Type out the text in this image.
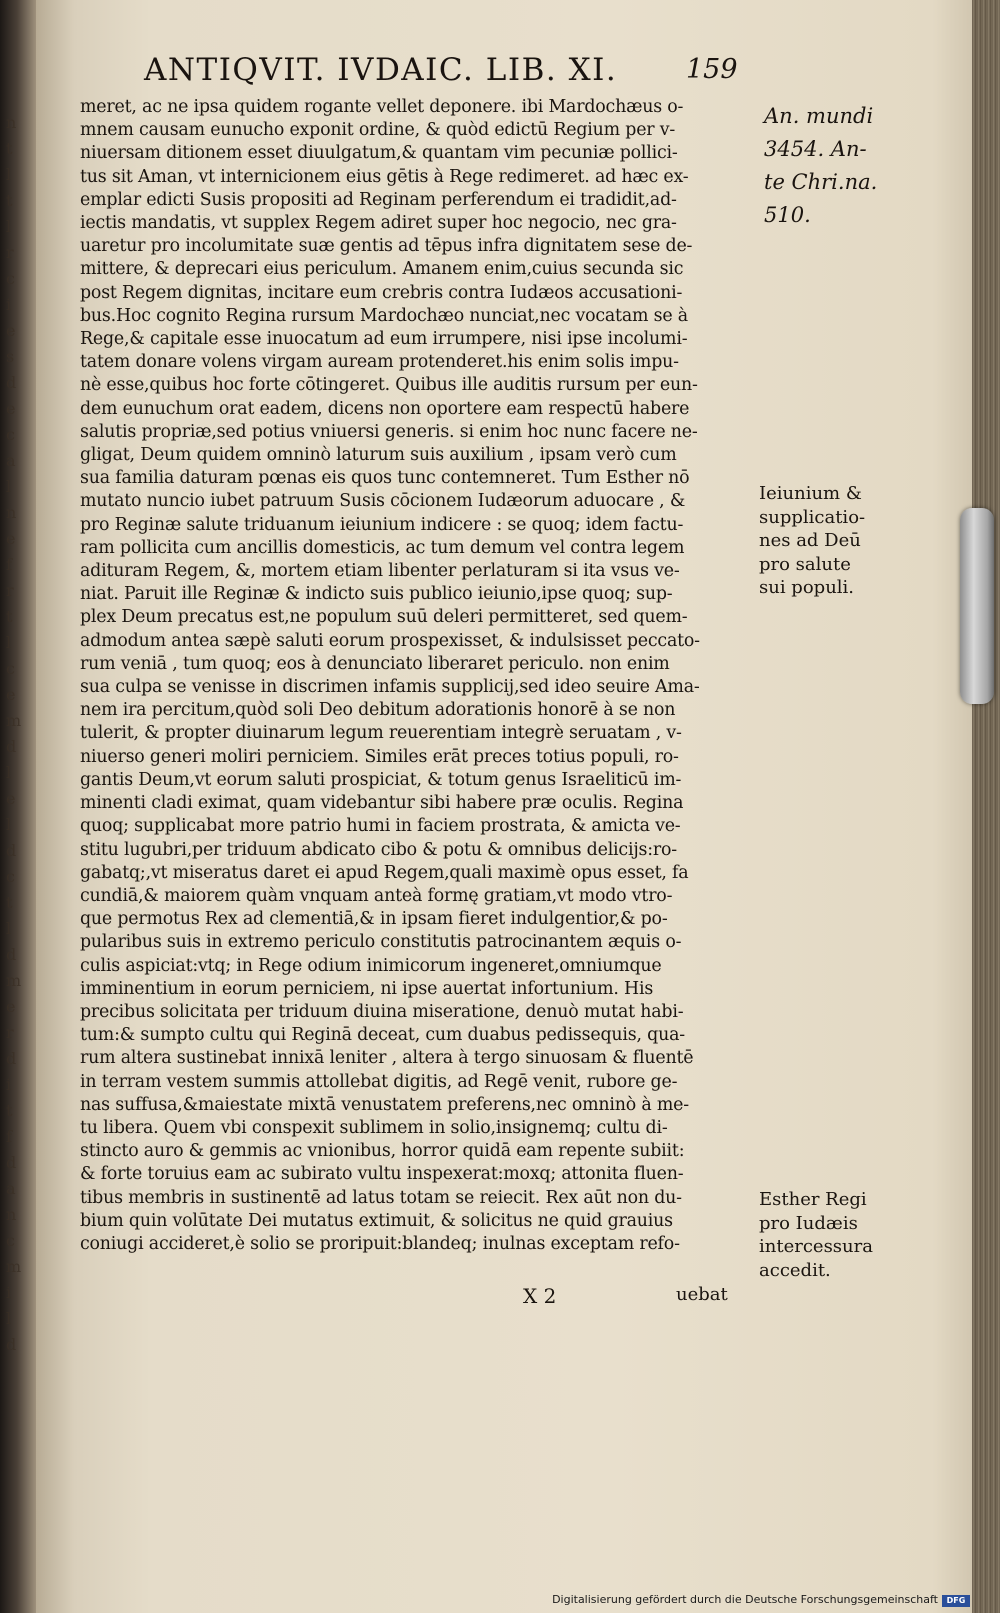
n
t
l
t
l
r
c
i
e
s
d
e
c
a
l
n
e
f
r
t
l
c
e
m
d
l
e
l
d
c
t
l
d
m
e
r
d
i
t
f
d
a
n
c
m
i
l
d
ANTIQVIT. IVDAIC. LIB. XI.	159
meret, ac ne ipsa quidem rogante vellet deponere. ibi Mardochæus o-
mnem causam eunucho exponit ordine, & quòd edictū Regium per v-
niuersam ditionem esset diuulgatum,& quantam vim pecuniæ pollici-
tus sit Aman, vt internicionem eius gētis à Rege redimeret. ad hæc ex-
emplar edicti Susis propositi ad Reginam perferendum ei tradidit,ad-
iectis mandatis, vt supplex Regem adiret super hoc negocio, nec gra-
uaretur pro incolumitate suæ gentis ad tēpus infra dignitatem sese de-
mittere, & deprecari eius periculum. Amanem enim,cuius secunda sic
post Regem dignitas, incitare eum crebris contra Iudæos accusationi-
bus.Hoc cognito Regina rursum Mardochæo nunciat,nec vocatam se à
Rege,& capitale esse inuocatum ad eum irrumpere, nisi ipse incolumi-
tatem donare volens virgam auream protenderet.his enim solis impu-
nè esse,quibus hoc forte cōtingeret. Quibus ille auditis rursum per eun-
dem eunuchum orat eadem, dicens non oportere eam respectū habere
salutis propriæ,sed potius vniuersi generis. si enim hoc nunc facere ne-
gligat, Deum quidem omninò laturum suis auxilium , ipsam verò cum
sua familia daturam pœnas eis quos tunc contemneret. Tum Esther nō
mutato nuncio iubet patruum Susis cōcionem Iudæorum aduocare , &
pro Reginæ salute triduanum ieiunium indicere : se quoq; idem factu-
ram pollicita cum ancillis domesticis, ac tum demum vel contra legem
adituram Regem, &, mortem etiam libenter perlaturam si ita vsus ve-
niat. Paruit ille Reginæ & indicto suis publico ieiunio,ipse quoq; sup-
plex Deum precatus est,ne populum suū deleri permitteret, sed quem-
admodum antea sæpè saluti eorum prospexisset, & indulsisset peccato-
rum veniā , tum quoq; eos à denunciato liberaret periculo. non enim
sua culpa se venisse in discrimen infamis supplicij,sed ideo seuire Ama-
nem ira percitum,quòd soli Deo debitum adorationis honorē à se non
tulerit, & propter diuinarum legum reuerentiam integrè seruatam , v-
niuerso generi moliri perniciem. Similes erāt preces totius populi, ro-
gantis Deum,vt eorum saluti prospiciat, & totum genus Israeliticū im-
minenti cladi eximat, quam videbantur sibi habere præ oculis. Regina
quoq; supplicabat more patrio humi in faciem prostrata, & amicta ve-
stitu lugubri,per triduum abdicato cibo & potu & omnibus delicijs:ro-
gabatq;,vt miseratus daret ei apud Regem,quali maximè opus esset, fa
cundiā,& maiorem quàm vnquam anteà formę gratiam,vt modo vtro-
que permotus Rex ad clementiā,& in ipsam fieret indulgentior,& po-
pularibus suis in extremo periculo constitutis patrocinantem æquis o-
culis aspiciat:vtq; in Rege odium inimicorum ingeneret,omniumque
imminentium in eorum perniciem, ni ipse auertat infortunium. His
precibus solicitata per triduum diuina miseratione, denuò mutat habi-
tum:& sumpto cultu qui Reginā deceat, cum duabus pedissequis, qua-
rum altera sustinebat innixā leniter , altera à tergo sinuosam & fluentē
in terram vestem summis attollebat digitis, ad Regē venit, rubore ge-
nas suffusa,&maiestate mixtā venustatem preferens,nec omninò à me-
tu libera. Quem vbi conspexit sublimem in solio,insignemq; cultu di-
stincto auro & gemmis ac vnionibus, horror quidā eam repente subiit:
& forte toruius eam ac subirato vultu inspexerat:moxq; attonita fluen-
tibus membris in sustinentē ad latus totam se reiecit. Rex aūt non du-
bium quin volūtate Dei mutatus extimuit, & solicitus ne quid grauius
coniugi accideret,è solio se proripuit:blandeq; inulnas exceptam refo-
An. mundi
3454. An-
te Chri.na.
510.
Ieiunium &
supplicatio-
nes ad Deū
pro salute
sui populi.
Esther Regi
pro Iudæis
intercessura
accedit.
X 2	uebat
Digitalisierung gefördert durch die Deutsche Forschungsgemeinschaft	DFG
